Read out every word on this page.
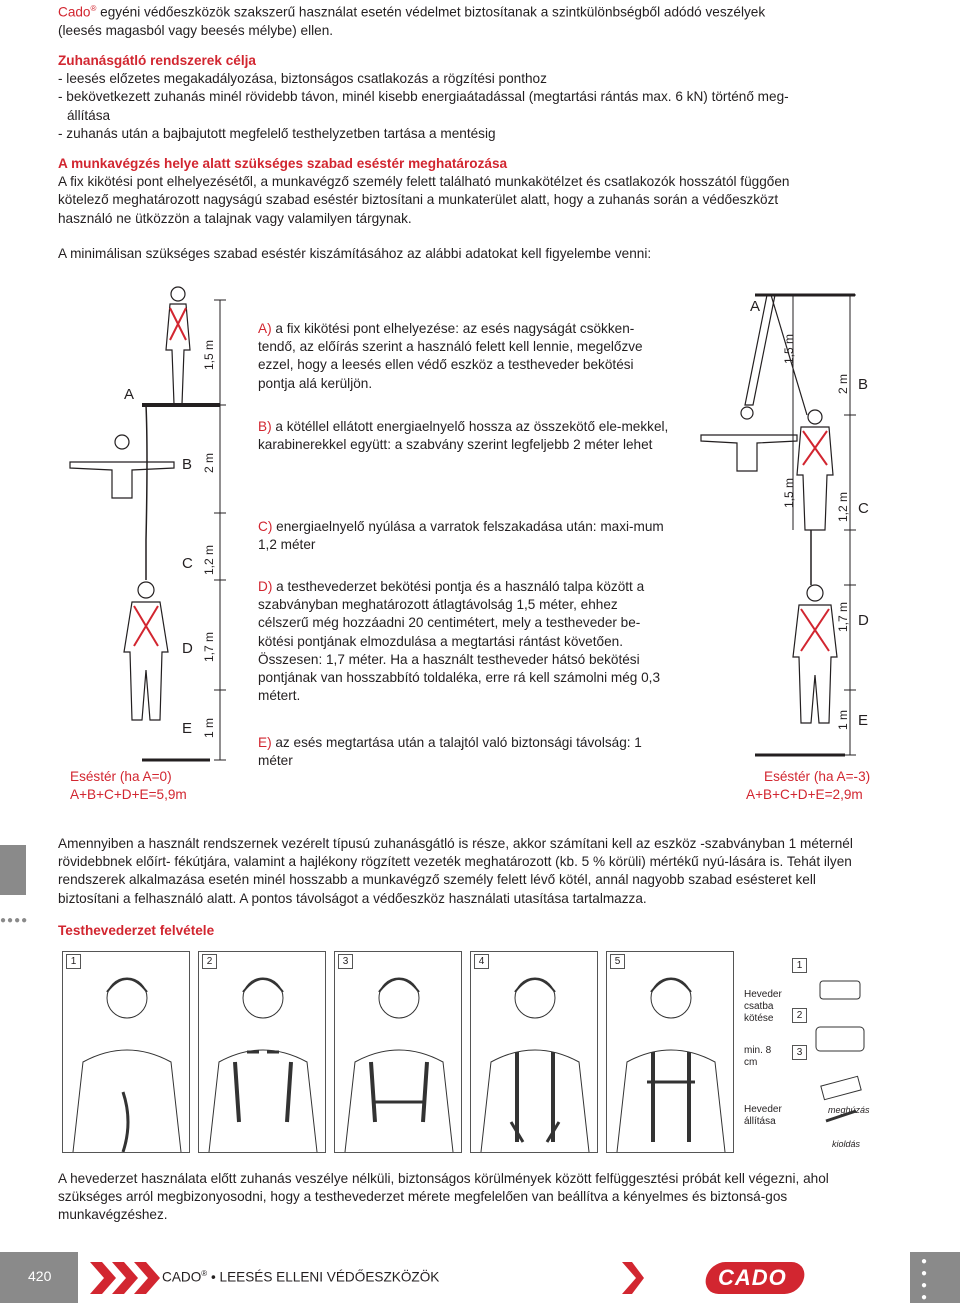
Cado® egyéni védőeszközök szakszerű használat esetén védelmet biztosítanak a szintkülönbségből adódó veszélyek

(leesés magasból vagy beesés mélybe) ellen.

Zuhanásgátló rendszerek célja

- leesés előzetes megakadályozása, biztonságos csatlakozás a rögzítési ponthoz

- bekövetkezett zuhanás minél rövidebb távon, minél kisebb energiaátadással (megtartási rántás max. 6 kN) történő meg-

állítása

- zuhanás után a bajbajutott megfelelő testhelyzetben tartása a mentésig

A munkavégzés helye alatt szükséges szabad eséstér meghatározása

A fix kikötési pont elhelyezésétől, a munkavégző személy felett található munkakötélzet és csatlakozók hosszától függően

kötelező meghatározott nagyságú szabad eséstér biztosítani a munkaterület alatt, hogy a zuhanás során a védőeszközt

használó ne ütközzön a talajnak vagy valamilyen tárgynak.

A minimálisan szükséges szabad eséstér kiszámításához az alábbi adatokat kell figyelembe venni:
A
B
C
D
E
1,5 m
2 m
1,2 m
1,7 m
1 m
Eséstér (ha A=0)
A+B+C+D+E=5,9m
A) a fix kikötési pont elhelyezése: az esés nagyságát csökken-tendő, az előírás szerint a használó felett kell lennie, megelőzve ezzel, hogy a leesés ellen védő eszköz a testheveder bekötési pontja alá kerüljön.
B) a kötéllel ellátott energiaelnyelő hossza az összekötő ele-mekkel, karabinerekkel együtt: a szabvány szerint legfeljebb 2 méter lehet
C) energiaelnyelő nyúlása a varratok felszakadása után: maxi-mum 1,2 méter
D) a testhevederzet bekötési pontja és a használó talpa között a szabványban meghatározott átlagtávolság 1,5 méter, ehhez célszerű még hozzáadni 20 centimétert, mely a testheveder be-kötési pontjának elmozdulása a megtartási rántást követően. Összesen: 1,7 méter. Ha a használt testheveder hátsó bekötési pontjának van hosszabbító toldaléka, erre rá kell számolni még 0,3 métert.
E) az esés megtartása után a talajtól való biztonsági távolság: 1 méter
A
B
C
D
E
2 m
1,2 m
1,7 m
1 m
1,5 m
1,5 m
Eséstér (ha A=-3)
A+B+C+D+E=2,9m
●●●●
Amennyiben a használt rendszernek vezérelt típusú zuhanásgátló is része, akkor számítani kell az eszköz -szabványban 1 méternél rövidebbnek előírt- fékútjára, valamint a hajlékony rögzített vezeték meghatározott (kb. 5 % körüli) mértékű nyú-lására is. Tehát ilyen rendszerek alkalmazása esetén minél hosszabb a munkavégző személy felett lévő kötél, annál nagyobb szabad esésteret kell biztosítani a felhasználó alatt. A pontos távolságot a védőeszköz használati utasítása tartalmazza.
Testhevederzet felvétele
1	2	3	4	5	1
Heveder csatba kötése	2
min. 8 cm
3
Heveder állítása
meghúzás
kioldás
A hevederzet használata előtt zuhanás veszélye nélküli, biztonságos körülmények között felfüggesztési próbát kell végezni, ahol szükséges arról megbizonyosodni, hogy a testhevederzet mérete megfelelően van beállítva a kényelmes és biztonsá-gos munkavégzéshez.
420	CADO® • LEESÉS ELLENI VÉDŐESZKÖZÖK	CADO
●
●
●
●
